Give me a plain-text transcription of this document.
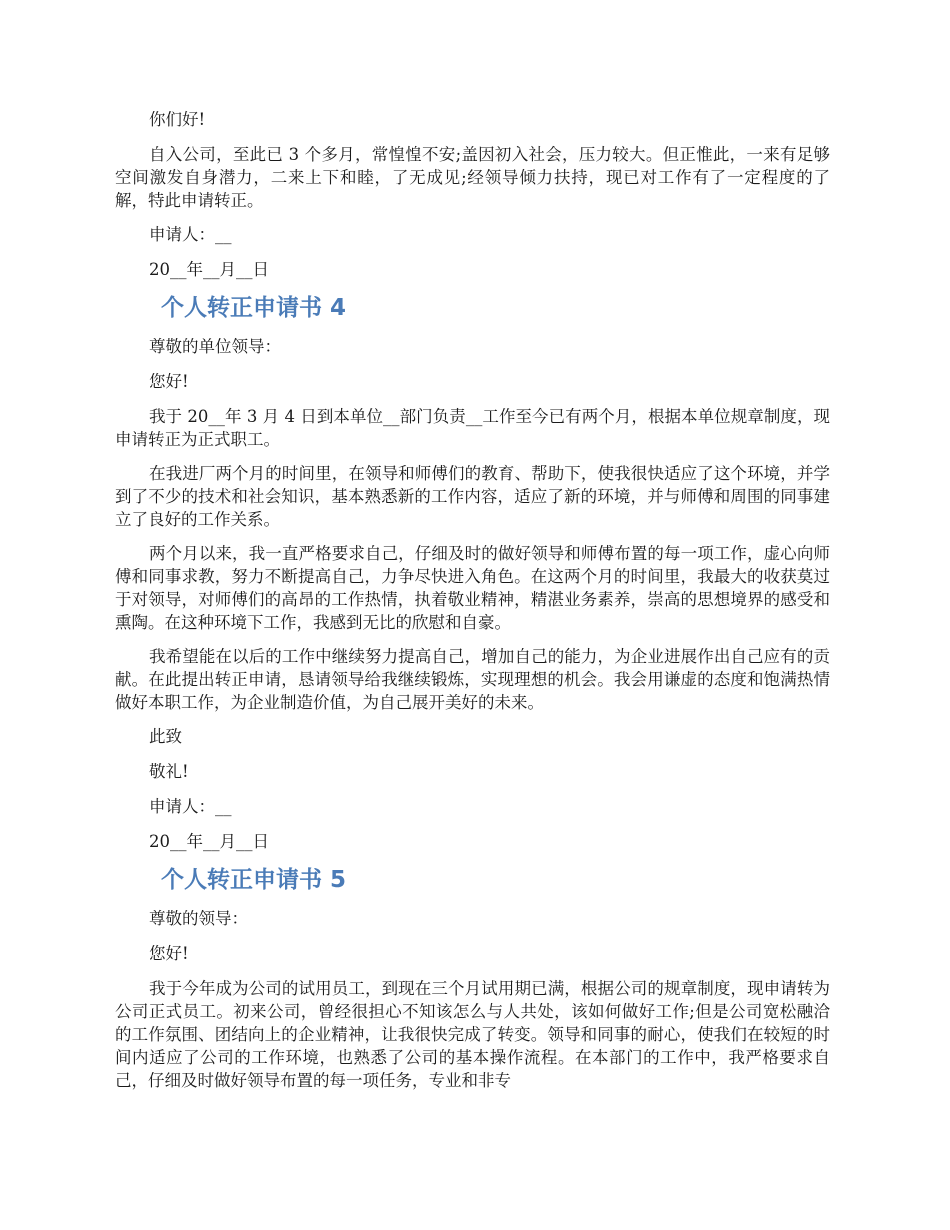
你们好!

自入公司，至此已 3 个多月，常惶惶不安;盖因初入社会，压力较大。但正惟此，一来有足够空间激发自身潜力，二来上下和睦，了无成见;经领导倾力扶持，现已对工作有了一定程度的了解，特此申请转正。

申请人：__

20__年__月__日

个人转正申请书 4

尊敬的单位领导：

您好!

我于 20__年 3 月 4 日到本单位__部门负责__工作至今已有两个月，根据本单位规章制度，现申请转正为正式职工。

在我进厂两个月的时间里，在领导和师傅们的教育、帮助下，使我很快适应了这个环境，并学到了不少的技术和社会知识，基本熟悉新的工作内容，适应了新的环境，并与师傅和周围的同事建立了良好的工作关系。

两个月以来，我一直严格要求自己，仔细及时的做好领导和师傅布置的每一项工作，虚心向师傅和同事求教，努力不断提高自己，力争尽快进入角色。在这两个月的时间里，我最大的收获莫过于对领导，对师傅们的高昂的工作热情，执着敬业精神，精湛业务素养，崇高的思想境界的感受和熏陶。在这种环境下工作，我感到无比的欣慰和自豪。

我希望能在以后的工作中继续努力提高自己，增加自己的能力，为企业进展作出自己应有的贡献。在此提出转正申请，恳请领导给我继续锻炼，实现理想的机会。我会用谦虚的态度和饱满热情做好本职工作，为企业制造价值，为自己展开美好的未来。

此致

敬礼!

申请人：__

20__年__月__日

个人转正申请书 5

尊敬的领导：

您好!

我于今年成为公司的试用员工，到现在三个月试用期已满，根据公司的规章制度，现申请转为公司正式员工。初来公司，曾经很担心不知该怎么与人共处，该如何做好工作;但是公司宽松融洽的工作氛围、团结向上的企业精神，让我很快完成了转变。领导和同事的耐心，使我们在较短的时间内适应了公司的工作环境，也熟悉了公司的基本操作流程。在本部门的工作中，我严格要求自己，仔细及时做好领导布置的每一项任务，专业和非专
